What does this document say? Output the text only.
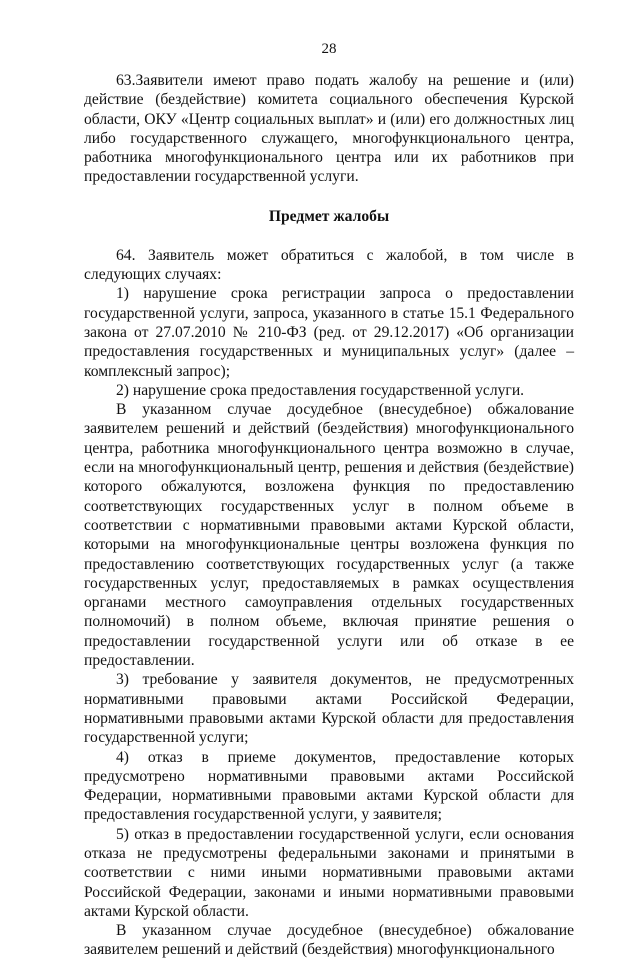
28

63.Заявители имеют право подать жалобу на решение и (или) действие (бездействие) комитета социального обеспечения Курской области, ОКУ «Центр социальных выплат» и (или) его должностных лиц либо государственного служащего, многофункционального центра, работника многофункционального центра или их работников при предоставлении государственной услуги.

Предмет жалобы

64. Заявитель может обратиться с жалобой, в том числе в следующих случаях:

1) нарушение срока регистрации запроса о предоставлении государственной услуги, запроса, указанного в статье 15.1 Федерального закона от 27.07.2010 № 210-ФЗ (ред. от 29.12.2017) «Об организации предоставления государственных и муниципальных услуг» (далее – комплексный запрос);

2) нарушение срока предоставления государственной услуги.

В указанном случае досудебное (внесудебное) обжалование заявителем решений и действий (бездействия) многофункционального центра, работника многофункционального центра возможно в случае, если на многофункциональный центр, решения и действия (бездействие) которого обжалуются, возложена функция по предоставлению соответствующих государственных услуг в полном объеме в соответствии с нормативными правовыми актами Курской области, которыми на многофункциональные центры возложена функция по предоставлению соответствующих государственных услуг (а также государственных услуг, предоставляемых в рамках осуществления органами местного самоуправления отдельных государственных полномочий) в полном объеме, включая принятие решения о предоставлении государственной услуги или об отказе в ее предоставлении.

3) требование у заявителя документов, не предусмотренных нормативными правовыми актами Российской Федерации, нормативными правовыми актами Курской области для предоставления государственной услуги;

4) отказ в приеме документов, предоставление которых предусмотрено нормативными правовыми актами Российской Федерации, нормативными правовыми актами Курской области для предоставления государственной услуги, у заявителя;

5) отказ в предоставлении государственной услуги, если основания отказа не предусмотрены федеральными законами и принятыми в соответствии с ними иными нормативными правовыми актами Российской Федерации, законами и иными нормативными правовыми актами Курской области.

В указанном случае досудебное (внесудебное) обжалование заявителем решений и действий (бездействия) многофункционального
